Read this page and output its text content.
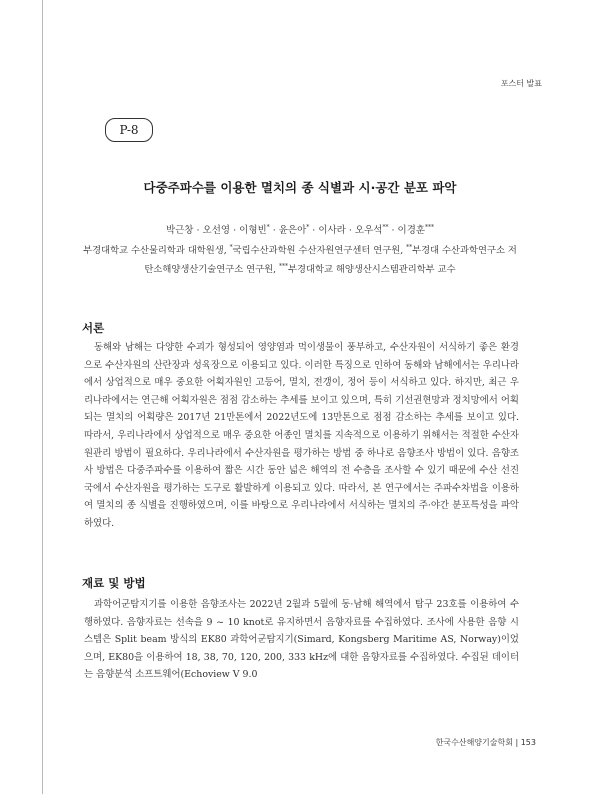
포스터 발표
P-8
다중주파수를 이용한 멸치의 종 식별과 시·공간 분포 파악
박근창 · 오선영 · 이형빈* · 윤은아* · 이사라 · 오우석** · 이경훈***
부경대학교 수산물리학과 대학원생, *국립수산과학원 수산자원연구센터 연구원, **부경대 수산과학연구소 저탄소해양생산기술연구소 연구원, ***부경대학교 해양생산시스템관리학부 교수
서론

동해와 남해는 다양한 수괴가 형성되어 영양염과 먹이생물이 풍부하고, 수산자원이 서식하기 좋은 환경으로 수산자원의 산란장과 성육장으로 이용되고 있다. 이러한 특징으로 인하여 동해와 남해에서는 우리나라에서 상업적으로 매우 중요한 어획자원인 고등어, 멸치, 전갱이, 정어 등이 서식하고 있다. 하지만, 최근 우리나라에서는 연근해 어획자원은 점점 감소하는 추세를 보이고 있으며, 특히 기선권현망과 정치망에서 어획되는 멸치의 어획량은 2017년 21만톤에서 2022년도에 13만톤으로 점점 감소하는 추세를 보이고 있다. 따라서, 우리나라에서 상업적으로 매우 중요한 어종인 멸치를 지속적으로 이용하기 위해서는 적절한 수산자원관리 방법이 필요하다. 우리나라에서 수산자원을 평가하는 방법 중 하나로 음향조사 방법이 있다. 음향조사 방법은 다중주파수를 이용하여 짧은 시간 동안 넓은 해역의 전 수층을 조사할 수 있기 때문에 수산 선진국에서 수산자원을 평가하는 도구로 활발하게 이용되고 있다. 따라서, 본 연구에서는 주파수차법을 이용하여 멸치의 종 식별을 진행하였으며, 이를 바탕으로 우리나라에서 서식하는 멸치의 주·야간 분포특성을 파악하였다.

재료 및 방법

과학어군탐지기를 이용한 음향조사는 2022년 2월과 5월에 동·남해 해역에서 탐구 23호를 이용하여 수행하였다. 음향자료는 선속을 9 ~ 10 knot로 유지하면서 음향자료를 수집하였다. 조사에 사용한 음향 시스템은 Split beam 방식의 EK80 과학어군탐지기(Simard, Kongsberg Maritime AS, Norway)이었으며, EK80을 이용하여 18, 38, 70, 120, 200, 333 kHz에 대한 음향자료를 수집하였다. 수집된 데이터는 음향분석 소프트웨어(Echoview V 9.0

한국수산해양기술학회 | 153
